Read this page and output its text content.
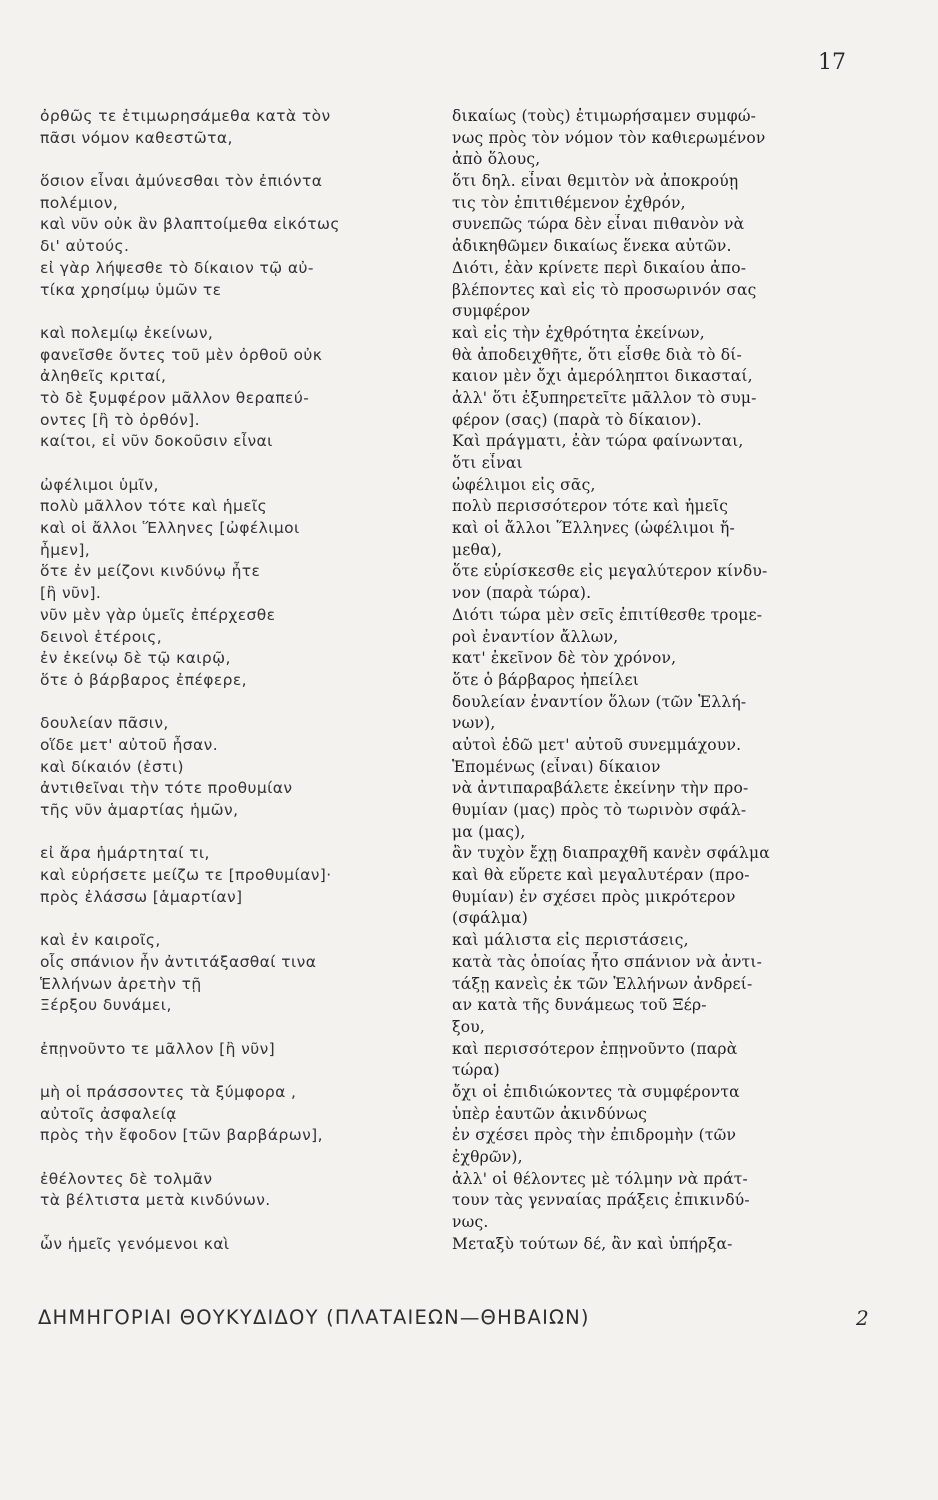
17
ὀρθῶς τε ἐτιμωρησάμεθα κατὰ τὸν
πᾶσι νόμον καθεστῶτα,
ὅσιον εἶναι ἀμύνεσθαι τὸν ἐπιόντα
πολέμιον,
καὶ νῦν οὐκ ἂν βλαπτοίμεθα εἰκότως
δι' αὐτούς.
εἰ γὰρ λήψεσθε τὸ δίκαιον τῷ αὐ-
τίκα χρησίμῳ ὑμῶν τε
καὶ πολεμίῳ ἐκείνων,
φανεῖσθε ὄντες τοῦ μὲν ὀρθοῦ οὐκ
ἀληθεῖς κριταί,
τὸ δὲ ξυμφέρον μᾶλλον θεραπεύ-
οντες [ἢ τὸ ὀρθόν].
καίτοι, εἰ νῦν δοκοῦσιν εἶναι
ὠφέλιμοι ὑμῖν,
πολὺ μᾶλλον τότε καὶ ἡμεῖς
καὶ οἱ ἄλλοι Ἕλληνες [ὠφέλιμοι
ἦμεν],
ὅτε ἐν μείζονι κινδύνῳ ἦτε
[ἢ νῦν].
νῦν μὲν γὰρ ὑμεῖς ἐπέρχεσθε
δεινοὶ ἑτέροις,
ἐν ἐκείνῳ δὲ τῷ καιρῷ,
ὅτε ὁ βάρβαρος ἐπέφερε,
δουλείαν πᾶσιν,
οἵδε μετ' αὐτοῦ ἦσαν.
καὶ δίκαιόν (ἐστι)
ἀντιθεῖναι τὴν τότε προθυμίαν
τῆς νῦν ἁμαρτίας ἡμῶν,
εἰ ἄρα ἡμάρτηταί τι,
καὶ εὑρήσετε μείζω τε [προθυμίαν]·
πρὸς ἐλάσσω [ἁμαρτίαν]
καὶ ἐν καιροῖς,
οἷς σπάνιον ἦν ἀντιτάξασθαί τινα
Ἑλλήνων ἀρετὴν τῇ
Ξέρξου δυνάμει,
ἐπῃνοῦντο τε μᾶλλον [ἢ νῦν]
μὴ οἱ πράσσοντες τὰ ξύμφορα ,
αὐτοῖς ἀσφαλείᾳ
πρὸς τὴν ἔφοδον [τῶν βαρβάρων],
ἐθέλοντες δὲ τολμᾶν
τὰ βέλτιστα μετὰ κινδύνων.
ὧν ἡμεῖς γενόμενοι καὶ
δικαίως (τοὺς) ἐτιμωρήσαμεν συμφώ-
νως πρὸς τὸν νόμον τὸν καθιερωμένον
ἀπὸ ὅλους,
ὅτι δηλ. εἶναι θεμιτὸν νὰ ἀποκρούῃ
τις τὸν ἐπιτιθέμενον ἐχθρόν,
συνεπῶς τώρα δὲν εἶναι πιθανὸν νὰ
ἀδικηθῶμεν δικαίως ἕνεκα αὐτῶν.
Διότι, ἐὰν κρίνετε περὶ δικαίου ἀπο-
βλέποντες καὶ εἰς τὸ προσωρινόν σας
συμφέρον
καὶ εἰς τὴν ἐχθρότητα ἐκείνων,
θὰ ἀποδειχθῆτε, ὅτι εἶσθε διὰ τὸ δί-
καιον μὲν ὄχι ἀμερόληπτοι δικασταί,
ἀλλ' ὅτι ἐξυπηρετεῖτε μᾶλλον τὸ συμ-
φέρον (σας) (παρὰ τὸ δίκαιον).
Καὶ πράγματι, ἐὰν τώρα φαίνωνται,
ὅτι εἶναι
ὠφέλιμοι εἰς σᾶς,
πολὺ περισσότερον τότε καὶ ἡμεῖς
καὶ οἱ ἄλλοι Ἕλληνες (ὠφέλιμοι ἤ-
μεθα),
ὅτε εὑρίσκεσθε εἰς μεγαλύτερον κίνδυ-
νον (παρὰ τώρα).
Διότι τώρα μὲν σεῖς ἐπιτίθεσθε τρομε-
ροὶ ἐναντίον ἄλλων,
κατ' ἐκεῖνον δὲ τὸν χρόνον,
ὅτε ὁ βάρβαρος ἠπείλει
δουλείαν ἐναντίον ὅλων (τῶν Ἑλλή-
νων),
αὐτοὶ ἐδῶ μετ' αὐτοῦ συνεμμάχουν.
Ἑπομένως (εἶναι) δίκαιον
νὰ ἀντιπαραβάλετε ἐκείνην τὴν προ-
θυμίαν (μας) πρὸς τὸ τωρινὸν σφάλ-
μα (μας),
ἂν τυχὸν ἔχῃ διαπραχθῆ κανὲν σφάλμα
καὶ θὰ εὕρετε καὶ μεγαλυτέραν (προ-
θυμίαν) ἐν σχέσει πρὸς μικρότερον
(σφάλμα)
καὶ μάλιστα εἰς περιστάσεις,
κατὰ τὰς ὁποίας ἦτο σπάνιον νὰ ἀντι-
τάξῃ κανεὶς ἐκ τῶν Ἑλλήνων ἀνδρεί-
αν κατὰ τῆς δυνάμεως τοῦ Ξέρ-
ξου,
καὶ περισσότερον ἐπῃνοῦντο (παρὰ
τώρα)
ὄχι οἱ ἐπιδιώκοντες τὰ συμφέροντα
ὑπὲρ ἑαυτῶν ἀκινδύνως
ἐν σχέσει πρὸς τὴν ἐπιδρομὴν (τῶν
ἐχθρῶν),
ἀλλ' οἱ θέλοντες μὲ τόλμην νὰ πράτ-
τουν τὰς γενναίας πράξεις ἐπικινδύ-
νως.
Μεταξὺ τούτων δέ, ἂν καὶ ὑπήρξα-
ΔΗΜΗΓΟΡΙΑΙ ΘΟΥΚΥΔΙΔΟΥ (ΠΛΑΤΑΙΕΩΝ—ΘΗΒΑΙΩΝ)	2
